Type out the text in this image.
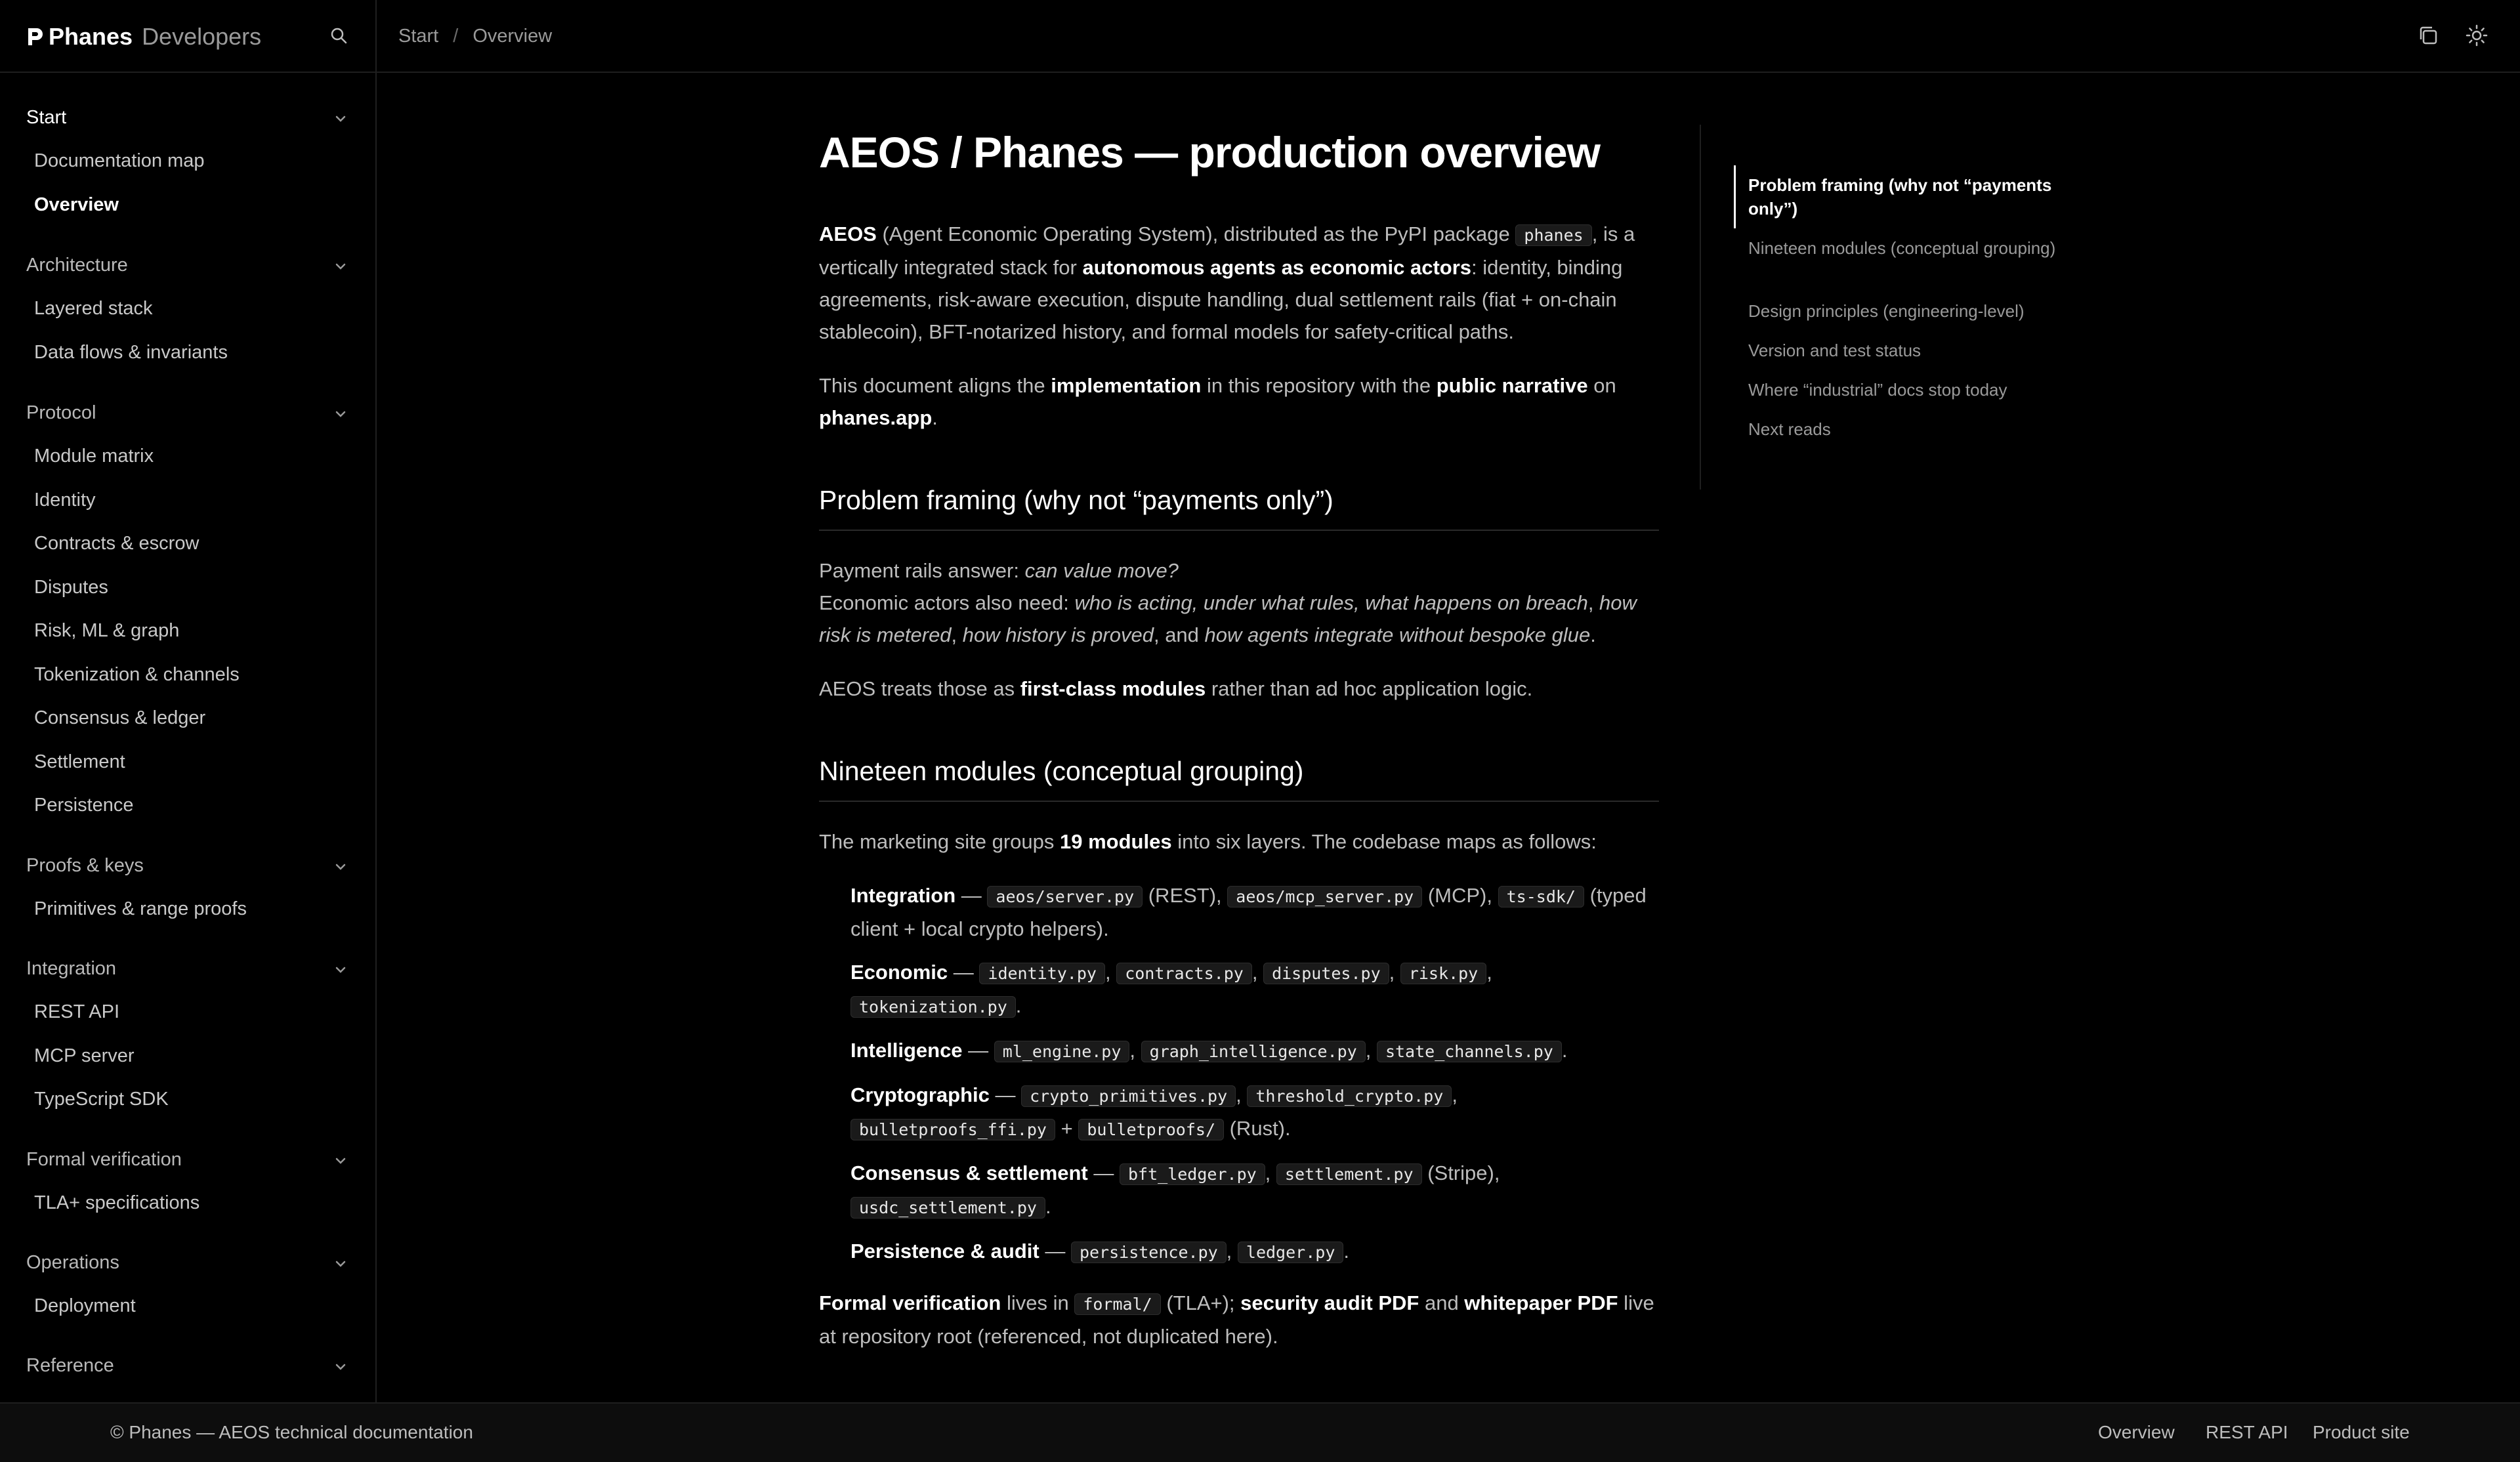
Phanes Developers	Start / Overview
Start
Documentation map
Overview
Architecture
Layered stack
Data flows & invariants
Protocol
Module matrix
Identity
Contracts & escrow
Disputes
Risk, ML & graph
Tokenization & channels
Consensus & ledger
Settlement
Persistence
Proofs & keys
Primitives & range proofs
Integration
REST API
MCP server
TypeScript SDK
Formal verification
TLA+ specifications
Operations
Deployment
Reference
AEOS / Phanes — production overview

AEOS (Agent Economic Operating System), distributed as the PyPI package phanes , is a vertically integrated stack for autonomous agents as economic actors: identity, binding agreements, risk-aware execution, dispute handling, dual settlement rails (fiat + on-chain stablecoin), BFT-notarized history, and formal models for safety-critical paths.

This document aligns the implementation in this repository with the public narrative on phanes.app.

Problem framing (why not “payments only”)

Payment rails answer: can value move?
Economic actors also need: who is acting, under what rules, what happens on breach, how risk is metered, how history is proved, and how agents integrate without bespoke glue.

AEOS treats those as first-class modules rather than ad hoc application logic.

Nineteen modules (conceptual grouping)

The marketing site groups 19 modules into six layers. The codebase maps as follows:

Integration — aeos/server.py (REST), aeos/mcp_server.py (MCP), ts-sdk/ (typed client + local crypto helpers).
Economic — identity.py , contracts.py , disputes.py , risk.py , tokenization.py .
Intelligence — ml_engine.py , graph_intelligence.py , state_channels.py .
Cryptographic — crypto_primitives.py , threshold_crypto.py , bulletproofs_ffi.py + bulletproofs/ (Rust).
Consensus & settlement — bft_ledger.py , settlement.py (Stripe), usdc_settlement.py .
Persistence & audit — persistence.py , ledger.py .

Formal verification lives in formal/ (TLA+); security audit PDF and whitepaper PDF live at repository root (referenced, not duplicated here).

Problem framing (why not “payments only”)
Nineteen modules (conceptual grouping)
Design principles (engineering-level)
Version and test status
Where “industrial” docs stop today
Next reads
© Phanes — AEOS technical documentation	Overview REST API Product site
